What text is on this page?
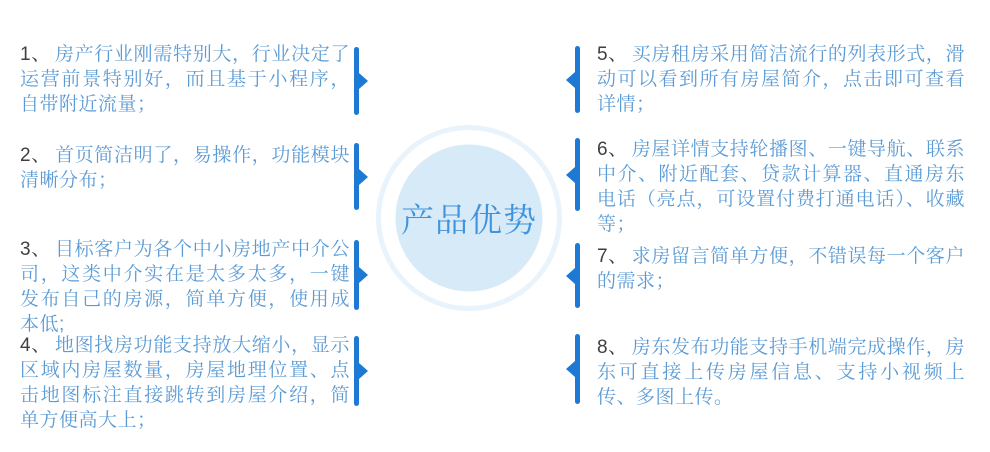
1、 房产行业刚需特别大，行业决定了运营前景特别好，而且基于小程序，自带附近流量；

2、 首页简洁明了，易操作，功能模块清晰分布；

3、 目标客户为各个中小房地产中介公司，这类中介实在是太多太多，一键发布自己的房源，简单方便，使用成本低;

4、 地图找房功能支持放大缩小，显示区域内房屋数量，房屋地理位置、点击地图标注直接跳转到房屋介绍，简单方便高大上；

5、 买房租房采用简洁流行的列表形式，滑动可以看到所有房屋简介，点击即可查看详情；

6、 房屋详情支持轮播图、一键导航、联系中介、附近配套、贷款计算器、直通房东电话（亮点，可设置付费打通电话）、收藏等；

7、 求房留言简单方便，不错误每一个客户的需求；

8、 房东发布功能支持手机端完成操作，房东可直接上传房屋信息、支持小视频上传、多图上传。

产品优势
